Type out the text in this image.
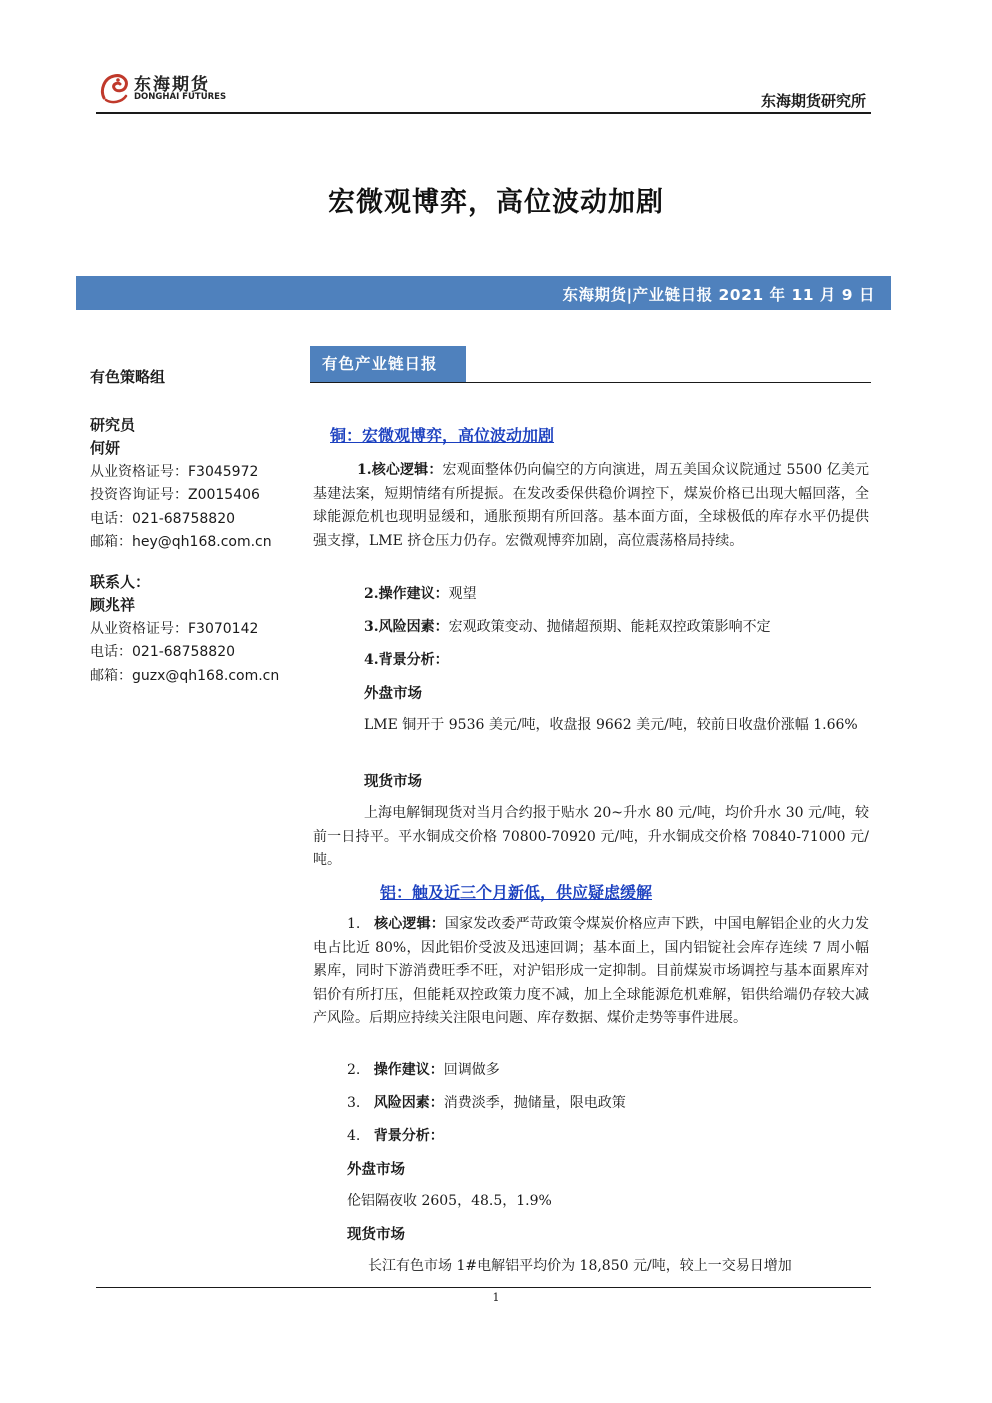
东海期货
DONGHAI FUTURES	东海期货研究所
宏微观博弈，高位波动加剧
东海期货|产业链日报 2021 年 11 月 9 日
有色策略组
研究员
何妍
从业资格证号：F3045972
投资咨询证号：Z0015406
电话：021-68758820
邮箱：hey@qh168.com.cn
联系人：
顾兆祥
从业资格证号：F3070142
电话：021-68758820
邮箱：guzx@qh168.com.cn
有色产业链日报
铜：宏微观博弈，高位波动加剧
1.核心逻辑：宏观面整体仍向偏空的方向演进，周五美国众议院通过 5500 亿美元基建法案，短期情绪有所提振。在发改委保供稳价调控下，煤炭价格已出现大幅回落，全球能源危机也现明显缓和，通胀预期有所回落。基本面方面，全球极低的库存水平仍提供强支撑，LME 挤仓压力仍存。宏微观博弈加剧，高位震荡格局持续。
2.操作建议：观望
3.风险因素：宏观政策变动、抛储超预期、能耗双控政策影响不定
4.背景分析：
外盘市场
LME 铜开于 9536 美元/吨，收盘报 9662 美元/吨，较前日收盘价涨幅 1.66%
现货市场
上海电解铜现货对当月合约报于贴水 20~升水 80 元/吨，均价升水 30 元/吨，较前一日持平。平水铜成交价格 70800-70920 元/吨，升水铜成交价格 70840-71000 元/吨。
铝：触及近三个月新低，供应疑虑缓解
1. 核心逻辑：国家发改委严苛政策令煤炭价格应声下跌，中国电解铝企业的火力发电占比近 80%，因此铝价受波及迅速回调；基本面上，国内铝锭社会库存连续 7 周小幅累库，同时下游消费旺季不旺，对沪铝形成一定抑制。目前煤炭市场调控与基本面累库对铝价有所打压，但能耗双控政策力度不减，加上全球能源危机难解，铝供给端仍存较大减产风险。后期应持续关注限电问题、库存数据、煤价走势等事件进展。
2. 操作建议：回调做多
3. 风险因素：消费淡季，抛储量，限电政策
4. 背景分析：
外盘市场
伦铝隔夜收 2605，48.5，1.9%
现货市场
长江有色市场 1#电解铝平均价为 18,850 元/吨，较上一交易日增加
1
